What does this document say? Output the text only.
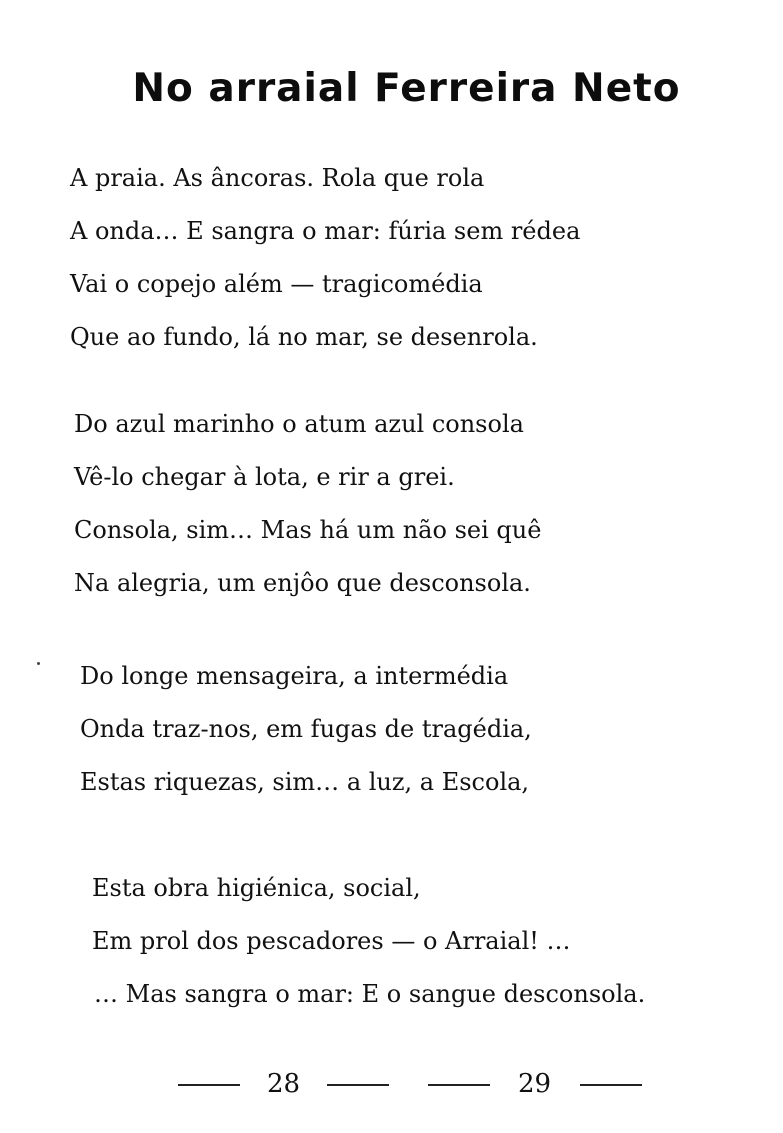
No arraial Ferreira Neto
A praia. As âncoras. Rola que rola
A onda… E sangra o mar: fúria sem rédea
Vai o copejo além — tragicomédia
Que ao fundo, lá no mar, se desenrola.
Do azul marinho o atum azul consola
Vê-lo chegar à lota, e rir a grei.
Consola, sim… Mas há um não sei quê
Na alegria, um enjôo que desconsola.
Do longe mensageira, a intermédia
Onda traz-nos, em fugas de tragédia,
Estas riquezas, sim… a luz, a Escola,
Esta obra higiénica, social,
Em prol dos pescadores — o Arraial! …
… Mas sangra o mar: E o sangue desconsola.
28	29
